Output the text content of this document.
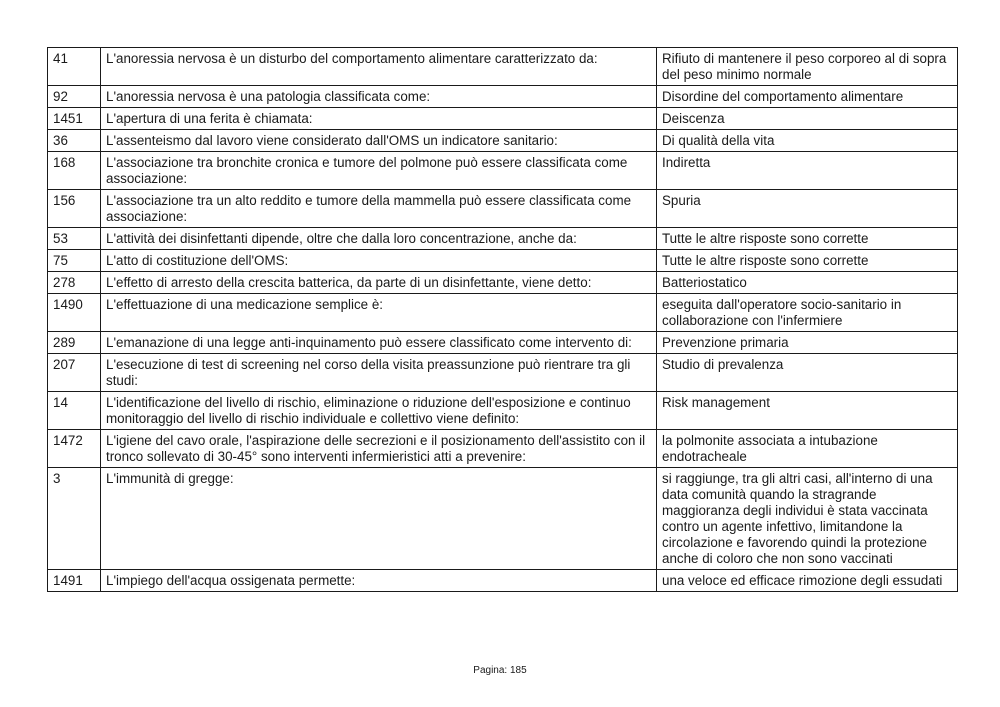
41	L'anoressia nervosa è un disturbo del comportamento alimentare caratterizzato da:	Rifiuto di mantenere il peso corporeo al di sopra del peso minimo normale
92	L'anoressia nervosa è una patologia classificata come:	Disordine del comportamento alimentare
1451	L'apertura di una ferita è chiamata:	Deiscenza
36	L'assenteismo dal lavoro viene considerato dall'OMS un indicatore sanitario:	Di qualità della vita
168	L'associazione tra bronchite cronica e tumore del polmone può essere classificata come associazione:	Indiretta
156	L'associazione tra un alto reddito e tumore della mammella può essere classificata come associazione:	Spuria
53	L'attività dei disinfettanti dipende, oltre che dalla loro concentrazione, anche da:	Tutte le altre risposte sono corrette
75	L'atto di costituzione dell'OMS:	Tutte le altre risposte sono corrette
278	L'effetto di arresto della crescita batterica, da parte di un disinfettante, viene detto:	Batteriostatico
1490	L'effettuazione di una medicazione semplice è:	eseguita dall'operatore socio-sanitario in collaborazione con l'infermiere
289	L'emanazione di una legge anti-inquinamento può essere classificato come intervento di:	Prevenzione primaria
207	L'esecuzione di test di screening nel corso della visita preassunzione può rientrare tra gli studi:	Studio di prevalenza
14	L'identificazione del livello di rischio, eliminazione o riduzione dell'esposizione e continuo monitoraggio del livello di rischio individuale e collettivo viene definito:	Risk management
1472	L'igiene del cavo orale, l'aspirazione delle secrezioni e il posizionamento dell'assistito con il tronco sollevato di 30-45° sono interventi infermieristici atti a prevenire:	la polmonite associata a intubazione endotracheale
3	L'immunità di gregge:	si raggiunge, tra gli altri casi, all'interno di una data comunità quando la stragrande maggioranza degli individui è stata vaccinata contro un agente infettivo, limitandone la circolazione e favorendo quindi la protezione anche di coloro che non sono vaccinati
1491	L'impiego dell'acqua ossigenata permette:	una veloce ed efficace rimozione degli essudati
Pagina: 185
